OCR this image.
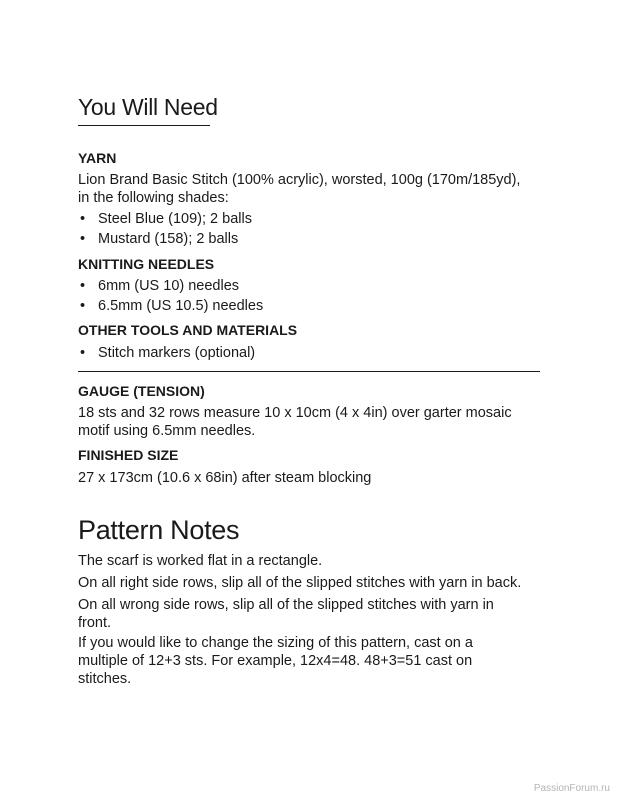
You Will Need
YARN

Lion Brand Basic Stitch (100% acrylic), worsted, 100g (170m/185yd),

in the following shades:

• Steel Blue (109); 2 balls
• Mustard (158); 2 balls
KNITTING NEEDLES
• 6mm (US 10) needles
• 6.5mm (US 10.5) needles
OTHER TOOLS AND MATERIALS
• Stitch markers (optional)
GAUGE (TENSION)

18 sts and 32 rows measure 10 x 10cm (4 x 4in) over garter mosaic

motif using 6.5mm needles.

FINISHED SIZE

27 x 173cm (10.6 x 68in) after steam blocking

Pattern Notes

The scarf is worked flat in a rectangle.

On all right side rows, slip all of the slipped stitches with yarn in back.

On all wrong side rows, slip all of the slipped stitches with yarn in

front.

If you would like to change the sizing of this pattern, cast on a

multiple of 12+3 sts. For example, 12x4=48. 48+3=51 cast on

stitches.

PassionForum.ru
